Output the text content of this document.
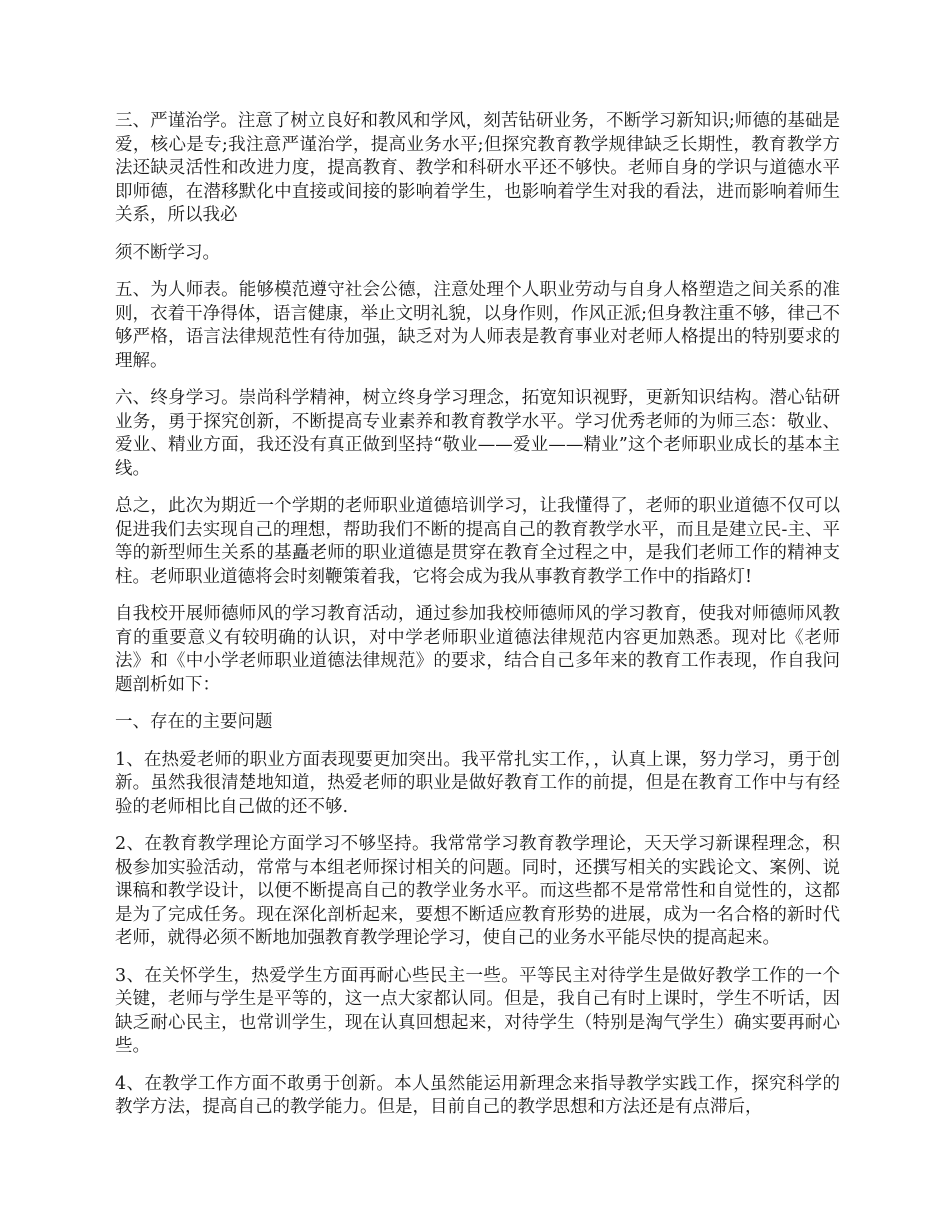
三、严谨治学。注意了树立良好和教风和学风，刻苦钻研业务，不断学习新知识;师德的基础是爱，核心是专;我注意严谨治学，提高业务水平;但探究教育教学规律缺乏长期性，教育教学方法还缺灵活性和改进力度，提高教育、教学和科研水平还不够快。老师自身的学识与道德水平即师德，在潜移默化中直接或间接的影响着学生，也影响着学生对我的看法，进而影响着师生关系，所以我必

须不断学习。

五、为人师表。能够模范遵守社会公德，注意处理个人职业劳动与自身人格塑造之间关系的准则，衣着干净得体，语言健康，举止文明礼貌，以身作则，作风正派;但身教注重不够，律己不够严格，语言法律规范性有待加强，缺乏对为人师表是教育事业对老师人格提出的特别要求的理解。

六、终身学习。崇尚科学精神，树立终身学习理念，拓宽知识视野，更新知识结构。潜心钻研业务，勇于探究创新，不断提高专业素养和教育教学水平。学习优秀老师的为师三态：敬业、爱业、精业方面，我还没有真正做到坚持“敬业——爱业——精业”这个老师职业成长的基本主线。

总之，此次为期近一个学期的老师职业道德培训学习，让我懂得了，老师的职业道德不仅可以促进我们去实现自己的理想，帮助我们不断的提高自己的教育教学水平，而且是建立民-主、平等的新型师生关系的基矗老师的职业道德是贯穿在教育全过程之中，是我们老师工作的精神支柱。老师职业道德将会时刻鞭策着我，它将会成为我从事教育教学工作中的指路灯!

自我校开展师德师风的学习教育活动，通过参加我校师德师风的学习教育，使我对师德师风教育的重要意义有较明确的认识，对中学老师职业道德法律规范内容更加熟悉。现对比《老师法》和《中小学老师职业道德法律规范》的要求，结合自己多年来的教育工作表现，作自我问题剖析如下：

一、存在的主要问题

1、在热爱老师的职业方面表现要更加突出。我平常扎实工作，，认真上课，努力学习，勇于创新。虽然我很清楚地知道，热爱老师的职业是做好教育工作的前提，但是在教育工作中与有经验的老师相比自己做的还不够.

2、在教育教学理论方面学习不够坚持。我常常学习教育教学理论，天天学习新课程理念，积极参加实验活动，常常与本组老师探讨相关的问题。同时，还撰写相关的实践论文、案例、说课稿和教学设计，以便不断提高自己的教学业务水平。而这些都不是常常性和自觉性的，这都是为了完成任务。现在深化剖析起来，要想不断适应教育形势的进展，成为一名合格的新时代老师，就得必须不断地加强教育教学理论学习，使自己的业务水平能尽快的提高起来。

3、在关怀学生，热爱学生方面再耐心些民主一些。平等民主对待学生是做好教学工作的一个关键，老师与学生是平等的，这一点大家都认同。但是，我自己有时上课时，学生不听话，因缺乏耐心民主，也常训学生，现在认真回想起来，对待学生（特别是淘气学生）确实要再耐心些。

4、在教学工作方面不敢勇于创新。本人虽然能运用新理念来指导教学实践工作，探究科学的教学方法，提高自己的教学能力。但是，目前自己的教学思想和方法还是有点滞后，
